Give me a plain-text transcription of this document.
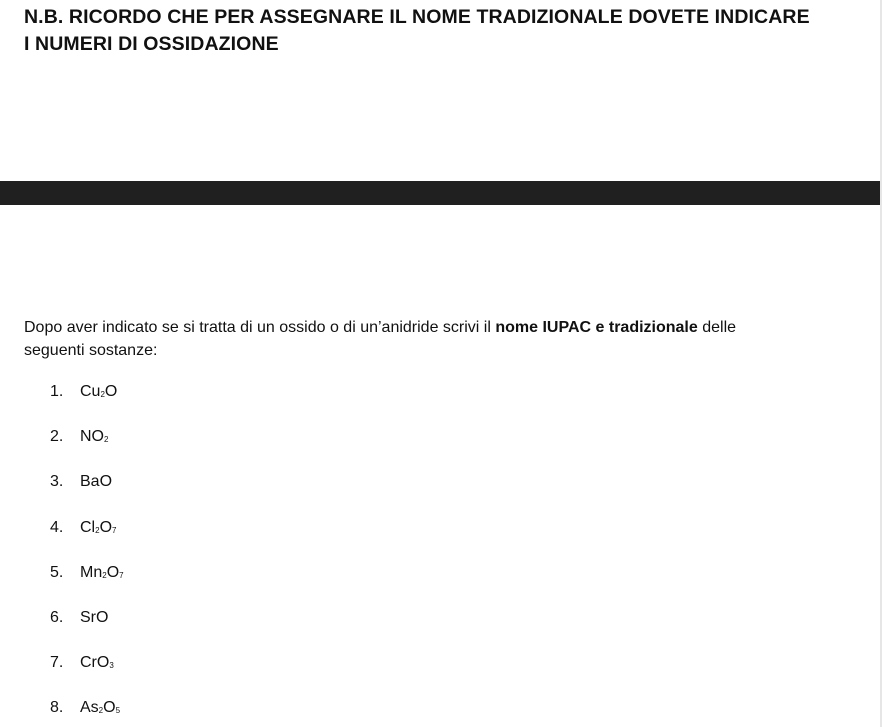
N.B. RICORDO CHE PER ASSEGNARE IL NOME TRADIZIONALE DOVETE INDICARE
I NUMERI DI OSSIDAZIONE
Dopo aver indicato se si tratta di un ossido o di un’anidride scrivi il nome IUPAC e tradizionale delle
seguenti sostanze:
1.	$Cu_2O$
2.	$NO_2$
3.	BaO
4.	$Cl_2O_7$
5.	$Mn_2O_7$
6.	SrO
7.	CrO$_3$
8.	$As_2O_5$
